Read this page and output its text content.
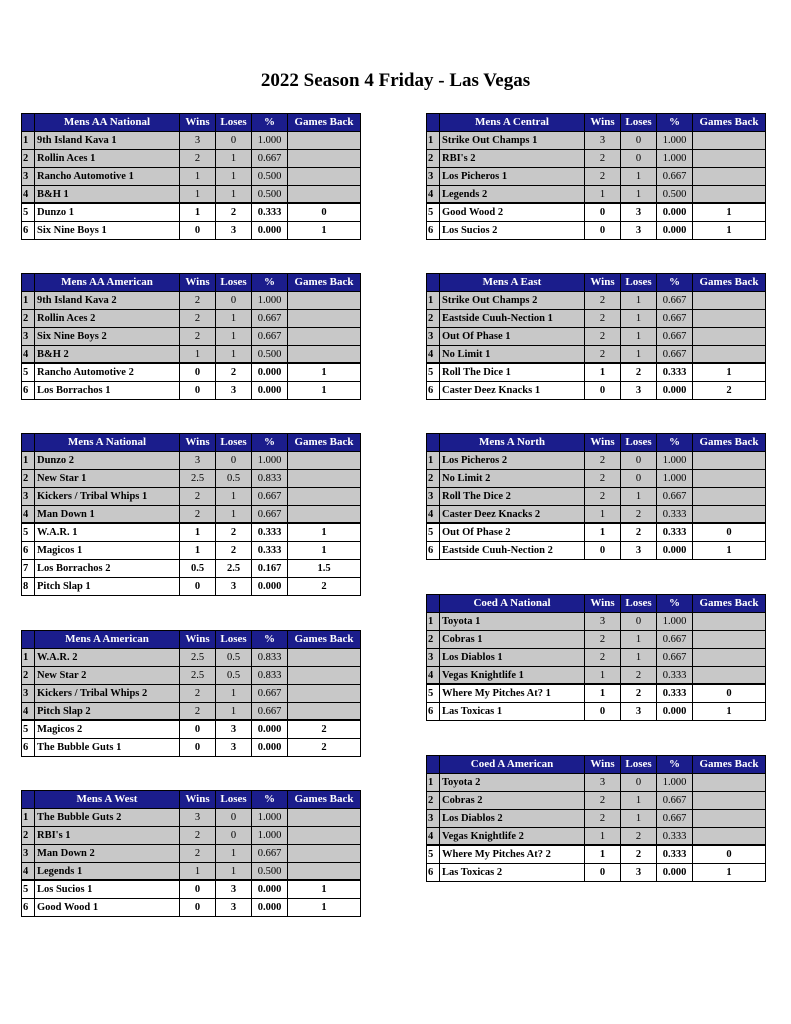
2022 Season 4 Friday - Las Vegas
	Mens AA National	Wins	Loses	%	Games Back
1	9th Island Kava 1	3	0	1.000	
2	Rollin Aces 1	2	1	0.667	
3	Rancho Automotive 1	1	1	0.500	
4	B&H 1	1	1	0.500	
5	Dunzo 1	1	2	0.333	0
6	Six Nine Boys 1	0	3	0.000	1
	Mens AA American	Wins	Loses	%	Games Back
1	9th Island Kava 2	2	0	1.000	
2	Rollin Aces 2	2	1	0.667	
3	Six Nine Boys 2	2	1	0.667	
4	B&H 2	1	1	0.500	
5	Rancho Automotive 2	0	2	0.000	1
6	Los Borrachos 1	0	3	0.000	1
	Mens A National	Wins	Loses	%	Games Back
1	Dunzo 2	3	0	1.000	
2	New Star 1	2.5	0.5	0.833	
3	Kickers / Tribal Whips 1	2	1	0.667	
4	Man Down 1	2	1	0.667	
5	W.A.R. 1	1	2	0.333	1
6	Magicos 1	1	2	0.333	1
7	Los Borrachos 2	0.5	2.5	0.167	1.5
8	Pitch Slap 1	0	3	0.000	2
	Mens A American	Wins	Loses	%	Games Back
1	W.A.R. 2	2.5	0.5	0.833	
2	New Star 2	2.5	0.5	0.833	
3	Kickers / Tribal Whips 2	2	1	0.667	
4	Pitch Slap 2	2	1	0.667	
5	Magicos 2	0	3	0.000	2
6	The Bubble Guts 1	0	3	0.000	2
	Mens A West	Wins	Loses	%	Games Back
1	The Bubble Guts 2	3	0	1.000	
2	RBI's 1	2	0	1.000	
3	Man Down 2	2	1	0.667	
4	Legends 1	1	1	0.500	
5	Los Sucios 1	0	3	0.000	1
6	Good Wood 1	0	3	0.000	1
	Mens A Central	Wins	Loses	%	Games Back
1	Strike Out Champs 1	3	0	1.000	
2	RBI's 2	2	0	1.000	
3	Los Picheros 1	2	1	0.667	
4	Legends 2	1	1	0.500	
5	Good Wood 2	0	3	0.000	1
6	Los Sucios 2	0	3	0.000	1
	Mens A East	Wins	Loses	%	Games Back
1	Strike Out Champs 2	2	1	0.667	
2	Eastside Cuuh-Nection 1	2	1	0.667	
3	Out Of Phase 1	2	1	0.667	
4	No Limit 1	2	1	0.667	
5	Roll The Dice 1	1	2	0.333	1
6	Caster Deez Knacks 1	0	3	0.000	2
	Mens A North	Wins	Loses	%	Games Back
1	Los Picheros 2	2	0	1.000	
2	No Limit 2	2	0	1.000	
3	Roll The Dice 2	2	1	0.667	
4	Caster Deez Knacks 2	1	2	0.333	
5	Out Of Phase 2	1	2	0.333	0
6	Eastside Cuuh-Nection 2	0	3	0.000	1
	Coed A National	Wins	Loses	%	Games Back
1	Toyota 1	3	0	1.000	
2	Cobras 1	2	1	0.667	
3	Los Diablos 1	2	1	0.667	
4	Vegas Knightlife 1	1	2	0.333	
5	Where My Pitches At? 1	1	2	0.333	0
6	Las Toxicas 1	0	3	0.000	1
	Coed A American	Wins	Loses	%	Games Back
1	Toyota 2	3	0	1.000	
2	Cobras 2	2	1	0.667	
3	Los Diablos 2	2	1	0.667	
4	Vegas Knightlife 2	1	2	0.333	
5	Where My Pitches At? 2	1	2	0.333	0
6	Las Toxicas 2	0	3	0.000	1
